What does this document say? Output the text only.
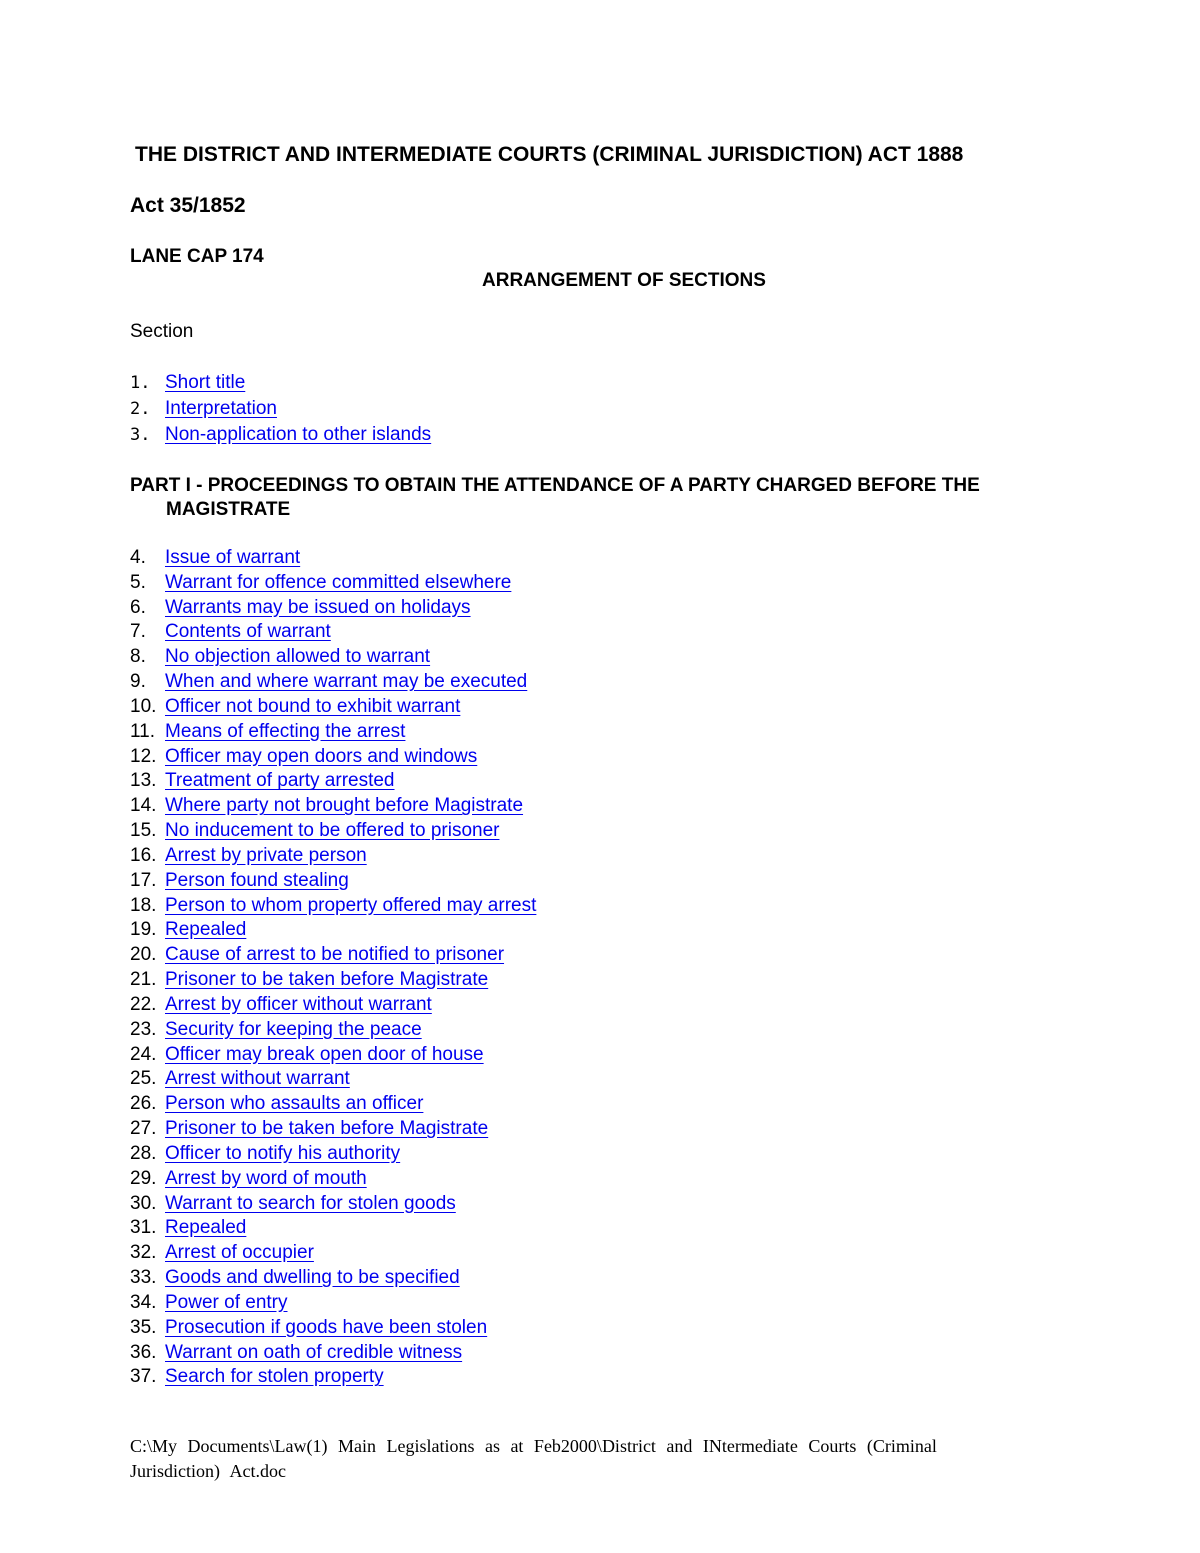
THE DISTRICT AND INTERMEDIATE COURTS (CRIMINAL JURISDICTION) ACT 1888
Act 35/1852
LANE CAP 174
ARRANGEMENT OF SECTIONS
Section
1. Short title
2. Interpretation
3. Non-application to other islands
PART I - PROCEEDINGS TO OBTAIN THE ATTENDANCE OF A PARTY CHARGED BEFORE THE MAGISTRATE
4.	Issue of warrant
5.	Warrant for offence committed elsewhere
6.	Warrants may be issued on holidays
7.	Contents of warrant
8.	No objection allowed to warrant
9.	When and where warrant may be executed
10. Officer not bound to exhibit warrant
11. Means of effecting the arrest
12. Officer may open doors and windows
13. Treatment of party arrested
14. Where party not brought before Magistrate
15. No inducement to be offered to prisoner
16. Arrest by private person
17. Person found stealing
18. Person to whom property offered may arrest
19. Repealed
20. Cause of arrest to be notified to prisoner
21. Prisoner to be taken before Magistrate
22. Arrest by officer without warrant
23. Security for keeping the peace
24. Officer may break open door of house
25. Arrest without warrant
26. Person who assaults an officer
27. Prisoner to be taken before Magistrate
28. Officer to notify his authority
29. Arrest by word of mouth
30. Warrant to search for stolen goods
31. Repealed
32. Arrest of occupier
33. Goods and dwelling to be specified
34. Power of entry
35. Prosecution if goods have been stolen
36. Warrant on oath of credible witness
37. Search for stolen property
C:\My Documents\Law(1) Main Legislations as at Feb2000\District and INtermediate Courts (Criminal Jurisdiction) Act.doc
